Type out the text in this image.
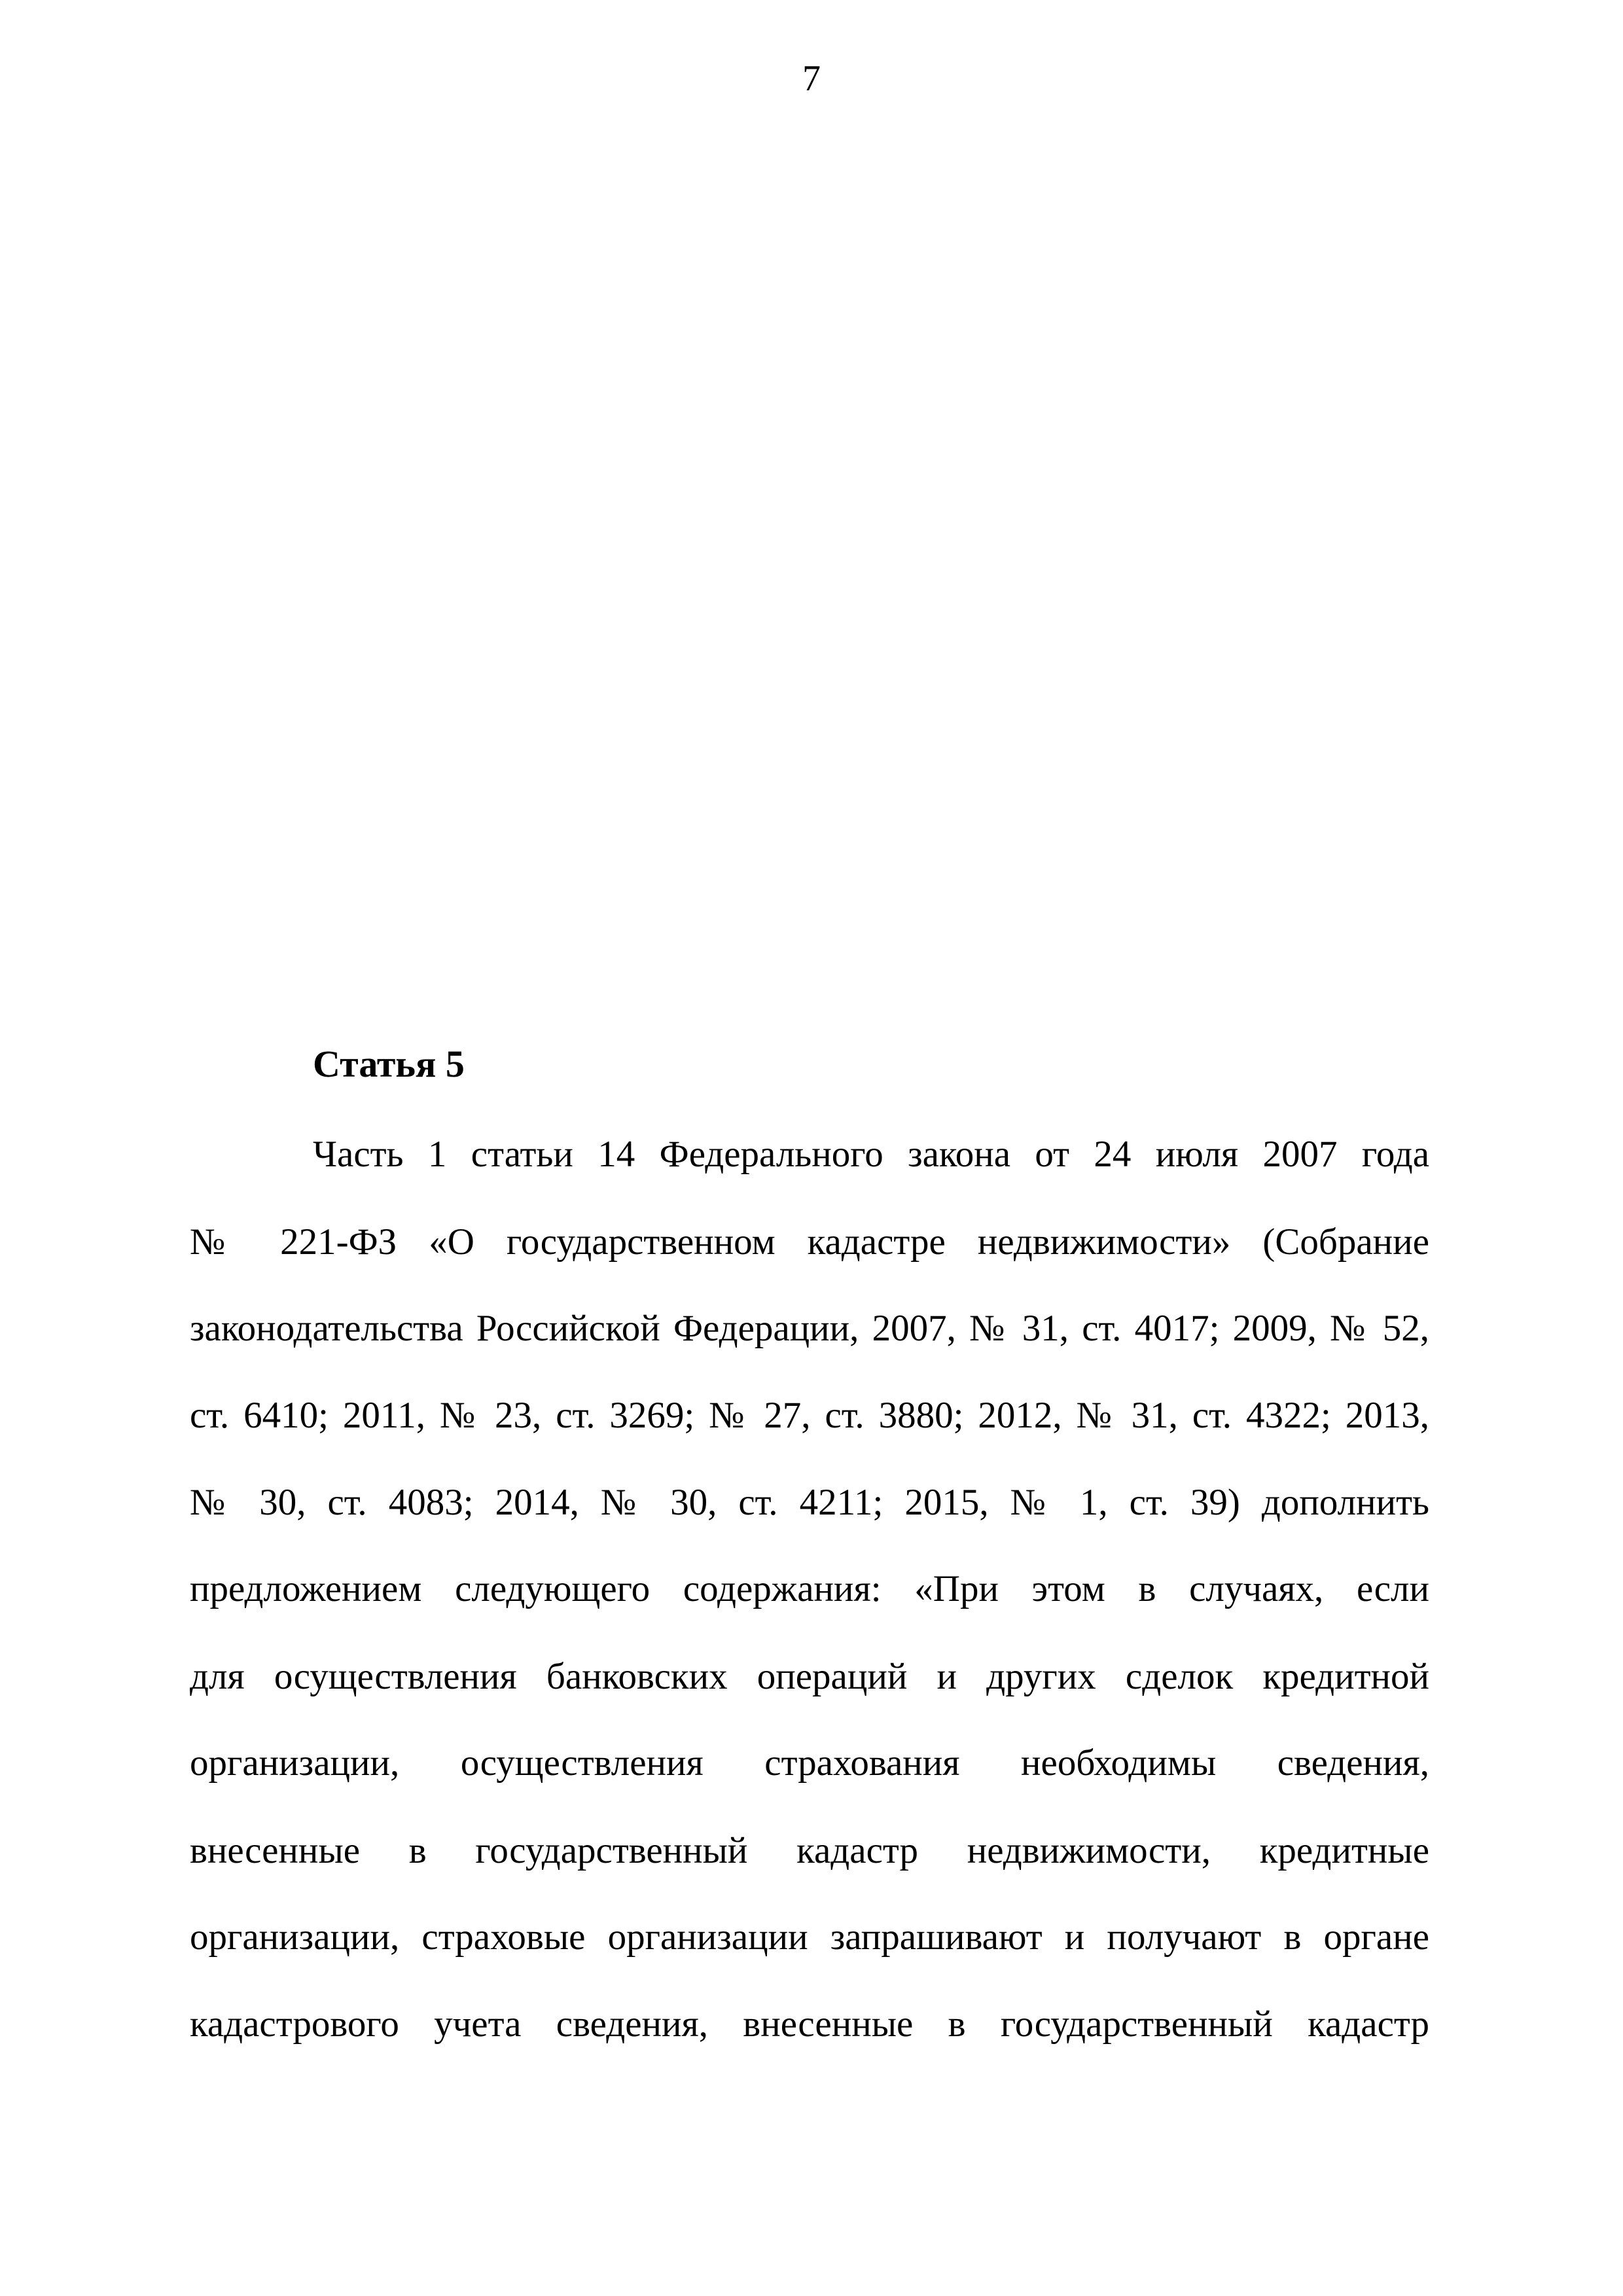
7
Статья 5
Часть 1 статьи 14 Федерального закона от 24 июля 2007 года
№ 221-ФЗ «О государственном кадастре недвижимости» (Собрание
законодательства Российской Федерации, 2007, № 31, ст. 4017; 2009, № 52,
ст. 6410; 2011, № 23, ст. 3269; № 27, ст. 3880; 2012, № 31, ст. 4322; 2013,
№ 30, ст. 4083; 2014, № 30, ст. 4211; 2015, № 1, ст. 39) дополнить
предложением следующего содержания: «При этом в случаях, если
для осуществления банковских операций и других сделок кредитной
организации, осуществления страхования необходимы сведения,
внесенные в государственный кадастр недвижимости, кредитные
организации, страховые организации запрашивают и получают в органе
кадастрового учета сведения, внесенные в государственный кадастр
